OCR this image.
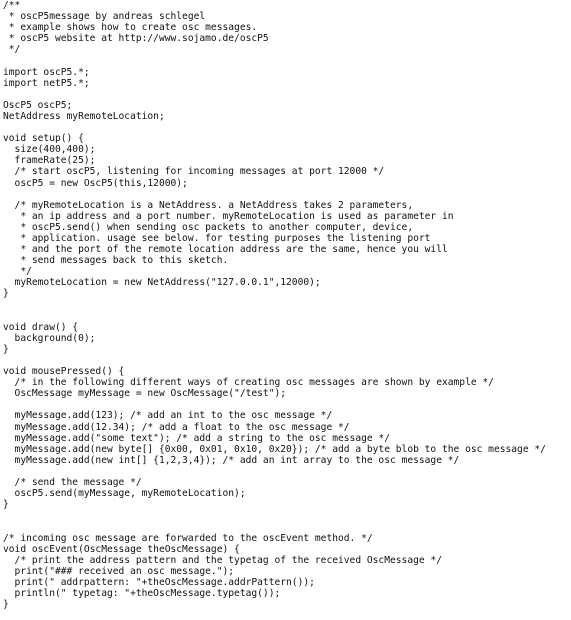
/**
* oscP5message by andreas schlegel
* example shows how to create osc messages.
* oscP5 website at http://www.sojamo.de/oscP5
*/
import oscP5.*;
import netP5.*;
OscP5 oscP5;
NetAddress myRemoteLocation;
void setup() {
size(400,400);
frameRate(25);
/* start oscP5, listening for incoming messages at port 12000 */
oscP5 = new OscP5(this,12000);
/* myRemoteLocation is a NetAddress. a NetAddress takes 2 parameters,
* an ip address and a port number. myRemoteLocation is used as parameter in
* oscP5.send() when sending osc packets to another computer, device,
* application. usage see below. for testing purposes the listening port
* and the port of the remote location address are the same, hence you will
* send messages back to this sketch.
*/
myRemoteLocation = new NetAddress("127.0.0.1",12000);
}
void draw() {
background(0);
}
void mousePressed() {
/* in the following different ways of creating osc messages are shown by example */
OscMessage myMessage = new OscMessage("/test");
myMessage.add(123); /* add an int to the osc message */
myMessage.add(12.34); /* add a float to the osc message */
myMessage.add("some text"); /* add a string to the osc message */
myMessage.add(new byte[] {0x00, 0x01, 0x10, 0x20}); /* add a byte blob to the osc message */
myMessage.add(new int[] {1,2,3,4}); /* add an int array to the osc message */
/* send the message */
oscP5.send(myMessage, myRemoteLocation);
}
/* incoming osc message are forwarded to the oscEvent method. */
void oscEvent(OscMessage theOscMessage) {
/* print the address pattern and the typetag of the received OscMessage */
print("### received an osc message.");
print(" addrpattern: "+theOscMessage.addrPattern());
println(" typetag: "+theOscMessage.typetag());
}
